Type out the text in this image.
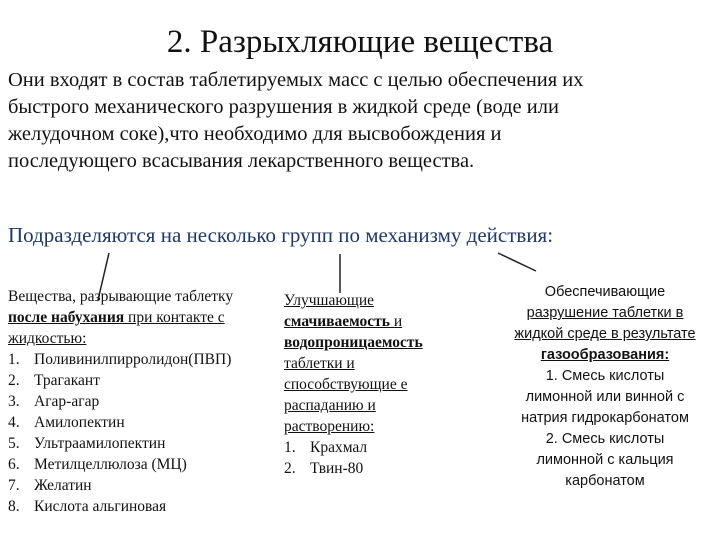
2. Разрыхляющие вещества
Они входят в состав таблетируемых масс с целью обеспечения их
быстрого механического разрушения в жидкой среде (воде или
желудочном соке),что необходимо для высвобождения и
последующего всасывания лекарственного вещества.
Подразделяются на несколько групп по механизму действия:
Вещества, разрывающие таблетку
после набухания при контакте с
жидкостью:
1. Поливинилпирролидон(ПВП)
2. Трагакант
3. Агар-агар
4. Амилопектин
5. Ультраамилопектин
6. Метилцеллюлоза (МЦ)
7. Желатин
8. Кислота альгиновая
Улучшающие
смачиваемость и
водопроницаемость
таблетки и
способствующие е
распаданию и
растворению:
1. Крахмал
2. Твин-80
Обеспечивающие
разрушение таблетки в
жидкой среде в результате
газообразования:
1. Смесь кислоты
лимонной или винной с
натрия гидрокарбонатом
2. Смесь кислоты
лимонной с кальция
карбонатом
